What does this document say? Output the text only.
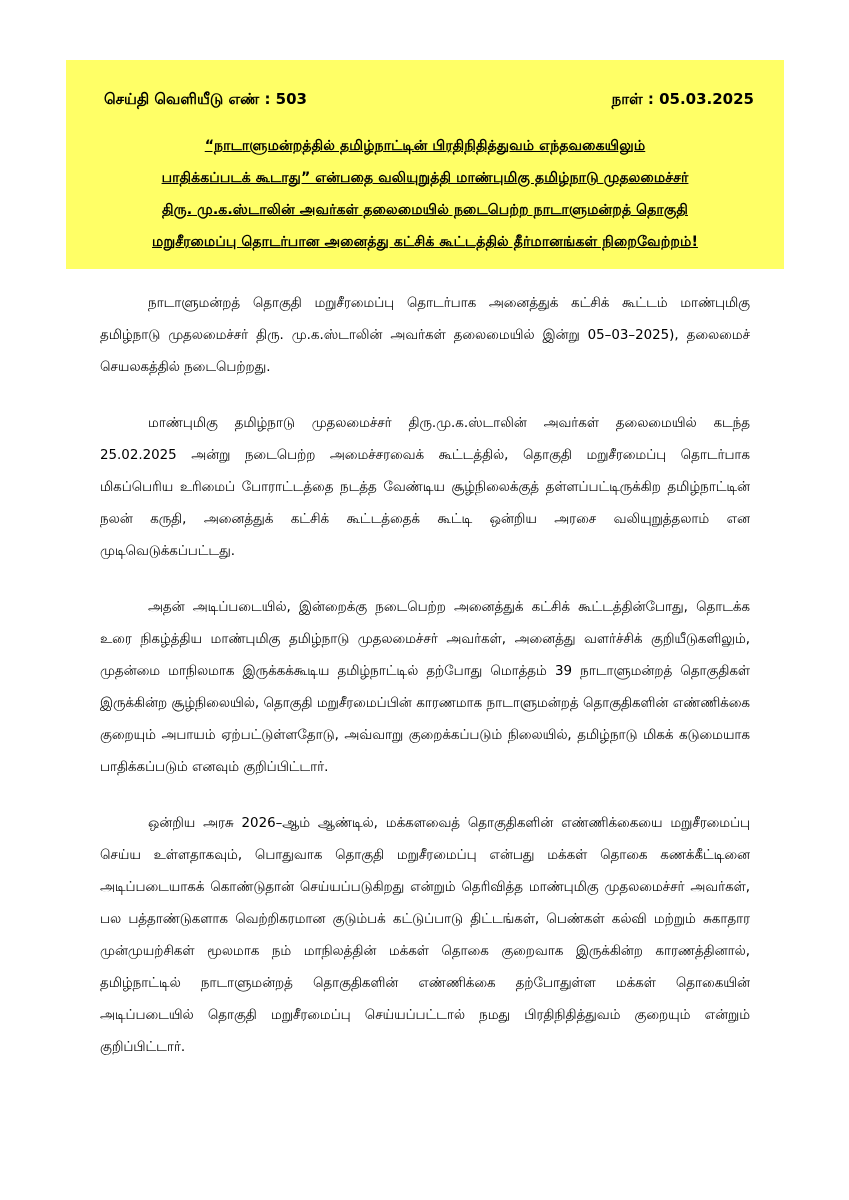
செய்தி வெளியீடு எண் : 503	நாள் : 05.03.2025
“நாடாளுமன்றத்தில் தமிழ்நாட்டின் பிரதிநிதித்துவம் எந்தவகையிலும்
பாதிக்கப்படக் கூடாது” என்பதை வலியுறுத்தி மாண்புமிகு தமிழ்நாடு முதலமைச்சர்
திரு. மு.க.ஸ்டாலின் அவர்கள் தலைமையில் நடைபெற்ற நாடாளுமன்றத் தொகுதி
மறுசீரமைப்பு தொடர்பான அனைத்து கட்சிக் கூட்டத்தில் தீர்மானங்கள் நிறைவேற்றம்!

நாடாளுமன்றத் தொகுதி மறுசீரமைப்பு தொடர்பாக அனைத்துக் கட்சிக் கூட்டம் மாண்புமிகு தமிழ்நாடு முதலமைச்சர் திரு. மு.க.ஸ்டாலின் அவர்கள் தலைமையில் இன்று 05–03–2025), தலைமைச் செயலகத்தில் நடைபெற்றது.

மாண்புமிகு தமிழ்நாடு முதலமைச்சர் திரு.மு.க.ஸ்டாலின் அவர்கள் தலைமையில் கடந்த 25.02.2025 அன்று நடைபெற்ற அமைச்சரவைக் கூட்டத்தில், தொகுதி மறுசீரமைப்பு தொடர்பாக மிகப்பெரிய உரிமைப் போராட்டத்தை நடத்த வேண்டிய சூழ்நிலைக்குத் தள்ளப்பட்டிருக்கிற தமிழ்நாட்டின் நலன் கருதி, அனைத்துக் கட்சிக் கூட்டத்தைக் கூட்டி ஒன்றிய அரசை வலியுறுத்தலாம் என முடிவெடுக்கப்பட்டது.

அதன் அடிப்படையில், இன்றைக்கு நடைபெற்ற அனைத்துக் கட்சிக் கூட்டத்தின்போது, தொடக்க உரை நிகழ்த்திய மாண்புமிகு தமிழ்நாடு முதலமைச்சர் அவர்கள், அனைத்து வளர்ச்சிக் குறியீடுகளிலும், முதன்மை மாநிலமாக இருக்கக்கூடிய தமிழ்நாட்டில் தற்போது மொத்தம் 39 நாடாளுமன்றத் தொகுதிகள் இருக்கின்ற சூழ்நிலையில், தொகுதி மறுசீரமைப்பின் காரணமாக நாடாளுமன்றத் தொகுதிகளின் எண்ணிக்கை குறையும் அபாயம் ஏற்பட்டுள்ளதோடு, அவ்வாறு குறைக்கப்படும் நிலையில், தமிழ்நாடு மிகக் கடுமையாக பாதிக்கப்படும் எனவும் குறிப்பிட்டார்.

ஒன்றிய அரசு 2026–ஆம் ஆண்டில், மக்களவைத் தொகுதிகளின் எண்ணிக்கையை மறுசீரமைப்பு செய்ய உள்ளதாகவும், பொதுவாக தொகுதி மறுசீரமைப்பு என்பது மக்கள் தொகை கணக்கீட்டினை அடிப்படையாகக் கொண்டுதான் செய்யப்படுகிறது என்றும் தெரிவித்த மாண்புமிகு முதலமைச்சர் அவர்கள், பல பத்தாண்டுகளாக வெற்றிகரமான குடும்பக் கட்டுப்பாடு திட்டங்கள், பெண்கள் கல்வி மற்றும் சுகாதார முன்முயற்சிகள் மூலமாக நம் மாநிலத்தின் மக்கள் தொகை குறைவாக இருக்கின்ற காரணத்தினால், தமிழ்நாட்டில் நாடாளுமன்றத் தொகுதிகளின் எண்ணிக்கை தற்போதுள்ள மக்கள் தொகையின் அடிப்படையில் தொகுதி மறுசீரமைப்பு செய்யப்பட்டால் நமது பிரதிநிதித்துவம் குறையும் என்றும் குறிப்பிட்டார்.
